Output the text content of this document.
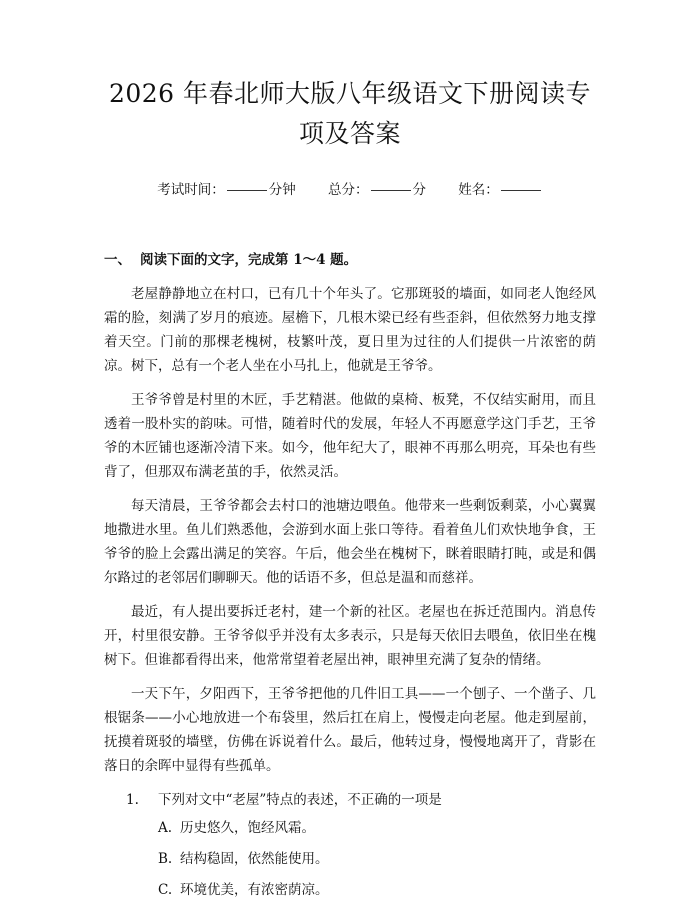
2026 年春北师大版八年级语文下册阅读专项及答案
考试时间：	分钟 总分：	分 姓名：
一、 阅读下面的文字，完成第 1～4 题。

老屋静静地立在村口，已有几十个年头了。它那斑驳的墙面，如同老人饱经风霜的脸，刻满了岁月的痕迹。屋檐下，几根木梁已经有些歪斜，但依然努力地支撑着天空。门前的那棵老槐树，枝繁叶茂，夏日里为过往的人们提供一片浓密的荫凉。树下，总有一个老人坐在小马扎上，他就是王爷爷。

王爷爷曾是村里的木匠，手艺精湛。他做的桌椅、板凳，不仅结实耐用，而且透着一股朴实的韵味。可惜，随着时代的发展，年轻人不再愿意学这门手艺，王爷爷的木匠铺也逐渐冷清下来。如今，他年纪大了，眼神不再那么明亮，耳朵也有些背了，但那双布满老茧的手，依然灵活。

每天清晨，王爷爷都会去村口的池塘边喂鱼。他带来一些剩饭剩菜，小心翼翼地撒进水里。鱼儿们熟悉他，会游到水面上张口等待。看着鱼儿们欢快地争食，王爷爷的脸上会露出满足的笑容。午后，他会坐在槐树下，眯着眼睛打盹，或是和偶尔路过的老邻居们聊聊天。他的话语不多，但总是温和而慈祥。

最近，有人提出要拆迁老村，建一个新的社区。老屋也在拆迁范围内。消息传开，村里很安静。王爷爷似乎并没有太多表示，只是每天依旧去喂鱼，依旧坐在槐树下。但谁都看得出来，他常常望着老屋出神，眼神里充满了复杂的情绪。

一天下午，夕阳西下，王爷爷把他的几件旧工具——一个刨子、一个凿子、几根锯条——小心地放进一个布袋里，然后扛在肩上，慢慢走向老屋。他走到屋前，抚摸着斑驳的墙壁，仿佛在诉说着什么。最后，他转过身，慢慢地离开了，背影在落日的余晖中显得有些孤单。

1. 下列对文中“老屋”特点的表述，不正确的一项是
A. 历史悠久，饱经风霜。
B. 结构稳固，依然能使用。
C. 环境优美，有浓密荫凉。
